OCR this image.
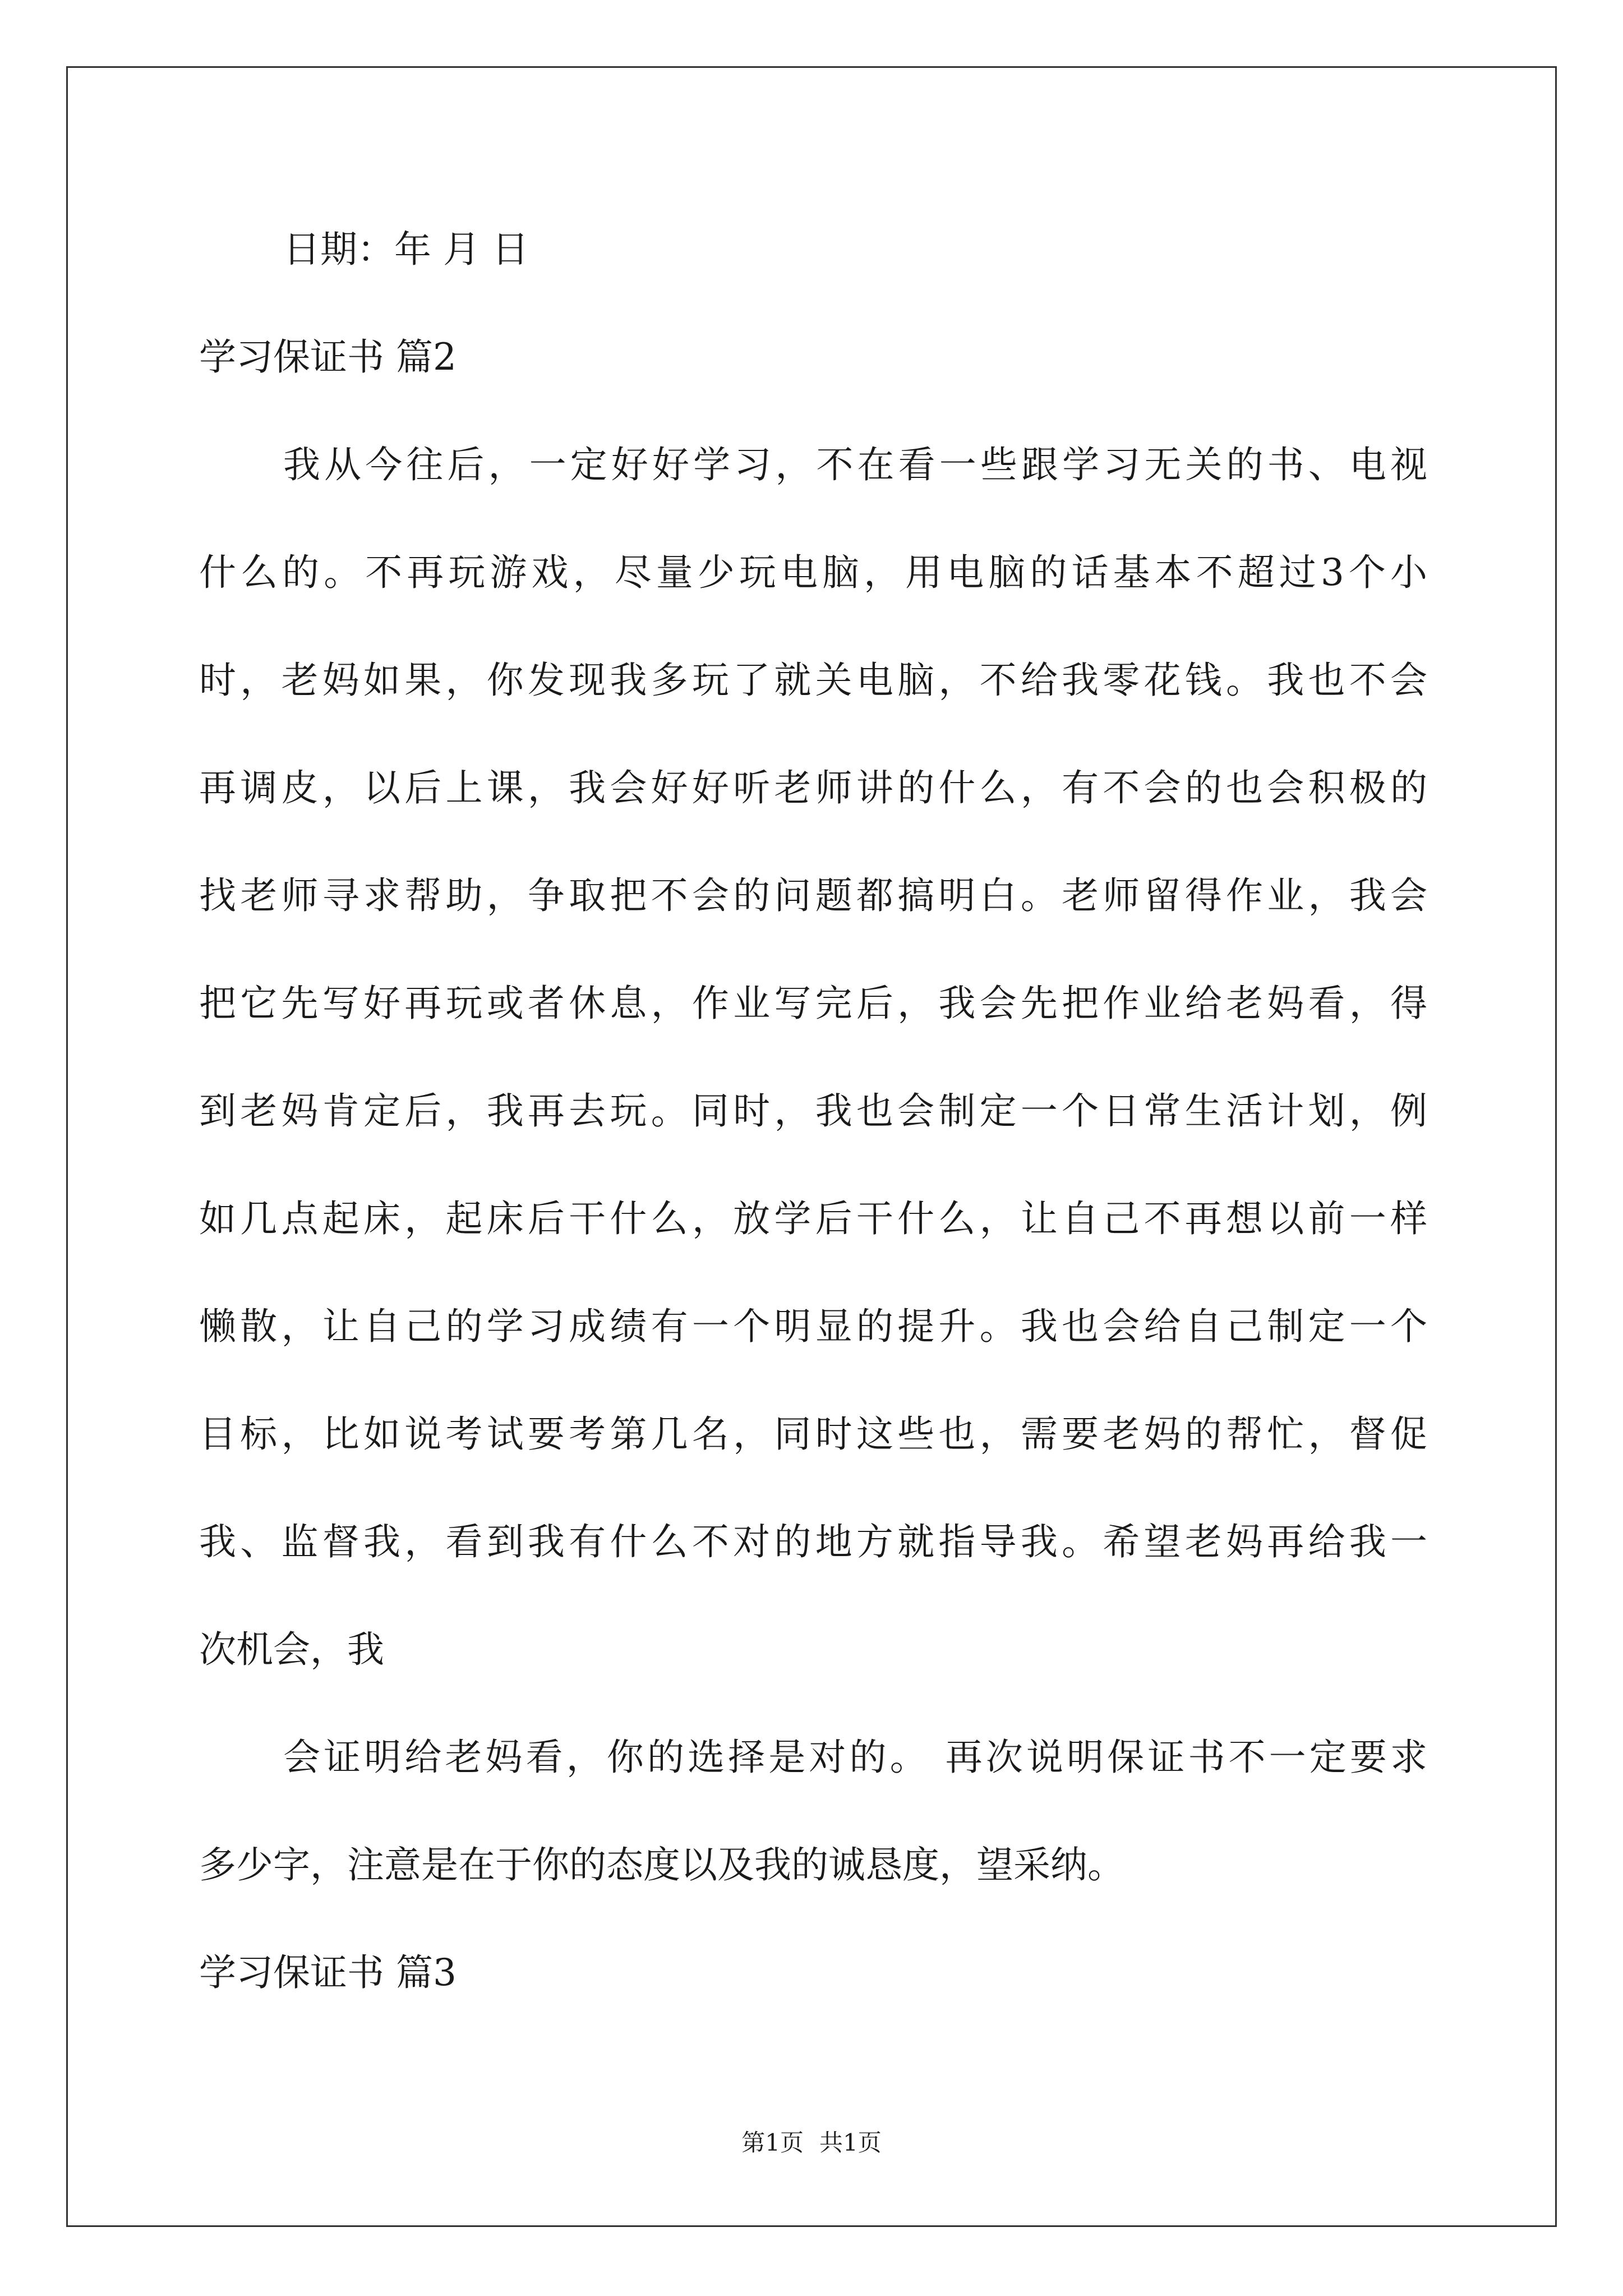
日期：年 月 日
学习保证书 篇2
我从今往后，一定好好学习，不在看一些跟学习无关的书、电视
什么的。不再玩游戏，尽量少玩电脑，用电脑的话基本不超过3个小
时，老妈如果，你发现我多玩了就关电脑，不给我零花钱。我也不会
再调皮，以后上课，我会好好听老师讲的什么，有不会的也会积极的
找老师寻求帮助，争取把不会的问题都搞明白。老师留得作业，我会
把它先写好再玩或者休息，作业写完后，我会先把作业给老妈看，得
到老妈肯定后，我再去玩。同时，我也会制定一个日常生活计划，例
如几点起床，起床后干什么，放学后干什么，让自己不再想以前一样
懒散，让自己的学习成绩有一个明显的提升。我也会给自己制定一个
目标，比如说考试要考第几名，同时这些也，需要老妈的帮忙，督促
我、监督我，看到我有什么不对的地方就指导我。希望老妈再给我一
次机会，我
会证明给老妈看，你的选择是对的。 再次说明保证书不一定要求
多少字，注意是在于你的态度以及我的诚恳度，望采纳。
学习保证书 篇3
第1页 共1页
